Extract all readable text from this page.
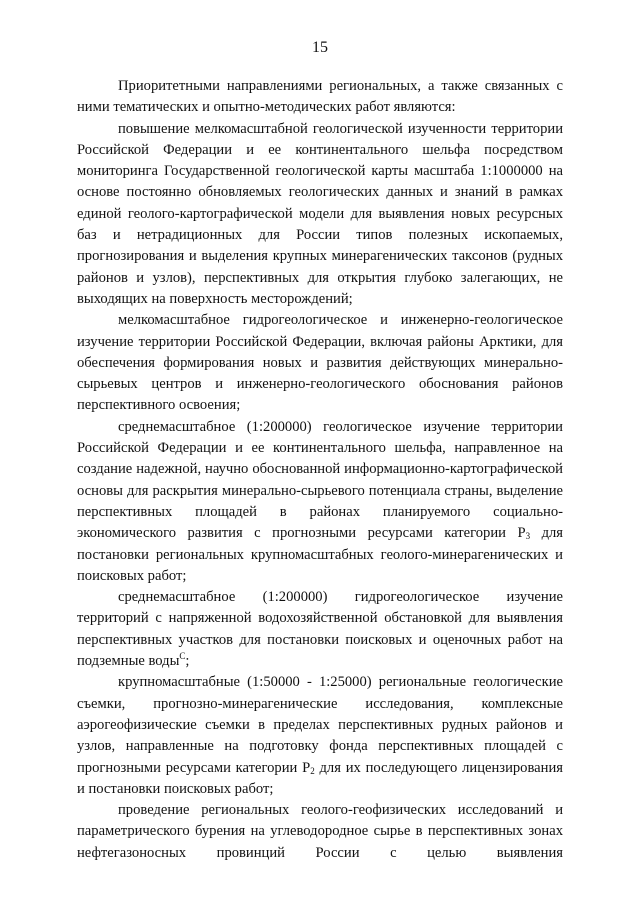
15

Приоритетными направлениями региональных, а также связанных с ними тематических и опытно-методических работ являются:

повышение мелкомасштабной геологической изученности территории Российской Федерации и ее континентального шельфа посредством мониторинга Государственной геологической карты масштаба 1:1000000 на основе постоянно обновляемых геологических данных и знаний в рамках единой геолого-картографической модели для выявления новых ресурсных баз и нетрадиционных для России типов полезных ископаемых, прогнозирования и выделения крупных минерагенических таксонов (рудных районов и узлов), перспективных для открытия глубоко залегающих, не выходящих на поверхность месторождений;

мелкомасштабное гидрогеологическое и инженерно-геологическое изучение территории Российской Федерации, включая районы Арктики, для обеспечения формирования новых и развития действующих минерально-сырьевых центров и инженерно-геологического обоснования районов перспективного освоения;

среднемасштабное (1:200000) геологическое изучение территории Российской Федерации и ее континентального шельфа, направленное на создание надежной, научно обоснованной информационно-картографической основы для раскрытия минерально-сырьевого потенциала страны, выделение перспективных площадей в районах планируемого социально-экономического развития с прогнозными ресурсами категории $Р_3$ для постановки региональных крупномасштабных геолого-минерагенических и поисковых работ;

среднемасштабное (1:200000) гидрогеологическое изучение территорий с напряженной водохозяйственной обстановкой для выявления перспективных участков для постановки поисковых и оценочных работ на подземные воды$^C$;

крупномасштабные (1:50000 - 1:25000) региональные геологические съемки, прогнозно-минерагенические исследования, комплексные аэрогеофизические съемки в пределах перспективных рудных районов и узлов, направленные на подготовку фонда перспективных площадей с прогнозными ресурсами категории $Р_2$ для их последующего лицензирования и постановки поисковых работ;

проведение региональных геолого-геофизических исследований и параметрического бурения на углеводородное сырье в перспективных зонах нефтегазоносных провинций России с целью выявления
